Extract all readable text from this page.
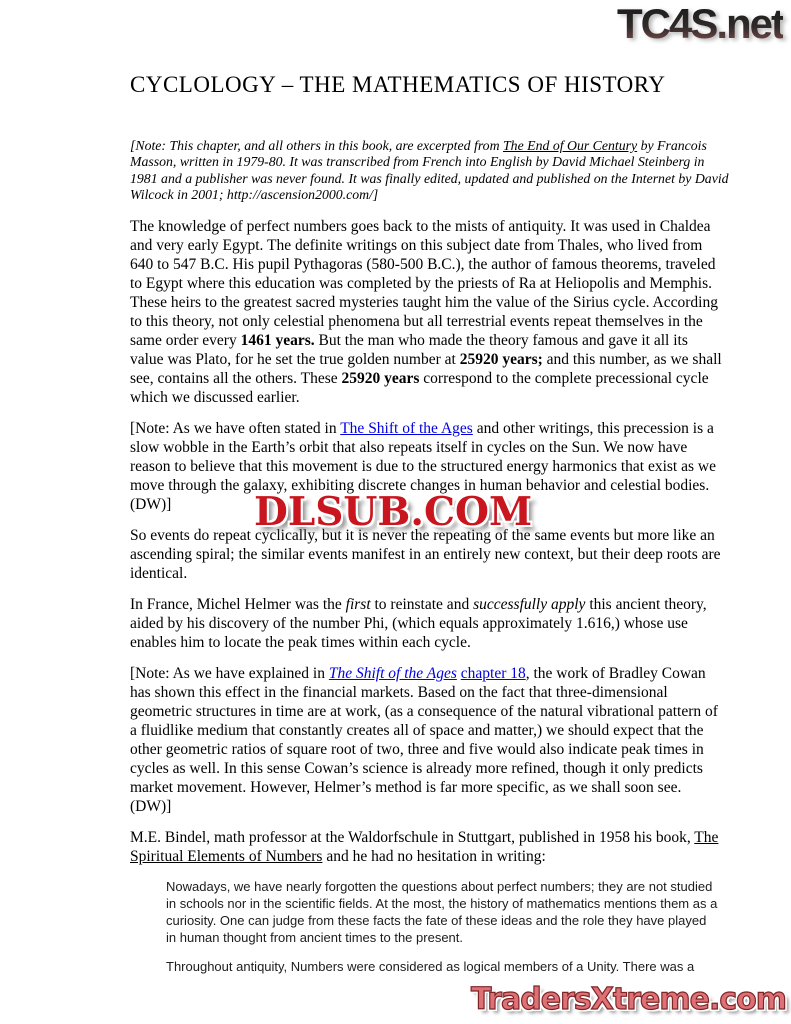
TC4S.net
CYCLOLOGY – THE MATHEMATICS OF HISTORY

[Note: This chapter, and all others in this book, are excerpted from The End of Our Century by Francois Masson, written in 1979-80. It was transcribed from French into English by David Michael Steinberg in 1981 and a publisher was never found. It was finally edited, updated and published on the Internet by David Wilcock in 2001; http://ascension2000.com/]

The knowledge of perfect numbers goes back to the mists of antiquity. It was used in Chaldea and very early Egypt. The definite writings on this subject date from Thales, who lived from 640 to 547 B.C. His pupil Pythagoras (580-500 B.C.), the author of famous theorems, traveled to Egypt where this education was completed by the priests of Ra at Heliopolis and Memphis. These heirs to the greatest sacred mysteries taught him the value of the Sirius cycle. According to this theory, not only celestial phenomena but all terrestrial events repeat themselves in the same order every 1461 years. But the man who made the theory famous and gave it all its value was Plato, for he set the true golden number at 25920 years; and this number, as we shall see, contains all the others. These 25920 years correspond to the complete precessional cycle which we discussed earlier.

[Note: As we have often stated in The Shift of the Ages and other writings, this precession is a slow wobble in the Earth’s orbit that also repeats itself in cycles on the Sun. We now have reason to believe that this movement is due to the structured energy harmonics that exist as we move through the galaxy, exhibiting discrete changes in human behavior and celestial bodies. (DW)]

So events do repeat cyclically, but it is never the repeating of the same events but more like an ascending spiral; the similar events manifest in an entirely new context, but their deep roots are identical.

In France, Michel Helmer was the first to reinstate and successfully apply this ancient theory, aided by his discovery of the number Phi, (which equals approximately 1.616,) whose use enables him to locate the peak times within each cycle.

[Note: As we have explained in The Shift of the Ages chapter 18, the work of Bradley Cowan has shown this effect in the financial markets. Based on the fact that three-dimensional geometric structures in time are at work, (as a consequence of the natural vibrational pattern of a fluidlike medium that constantly creates all of space and matter,) we should expect that the other geometric ratios of square root of two, three and five would also indicate peak times in cycles as well. In this sense Cowan’s science is already more refined, though it only predicts market movement. However, Helmer’s method is far more specific, as we shall soon see. (DW)]

M.E. Bindel, math professor at the Waldorfschule in Stuttgart, published in 1958 his book, The Spiritual Elements of Numbers and he had no hesitation in writing:

Nowadays, we have nearly forgotten the questions about perfect numbers; they are not studied in schools nor in the scientific fields. At the most, the history of mathematics mentions them as a curiosity. One can judge from these facts the fate of these ideas and the role they have played in human thought from ancient times to the present.

Throughout antiquity, Numbers were considered as logical members of a Unity. There was a

DLSUB.COM
TradersXtreme.com
